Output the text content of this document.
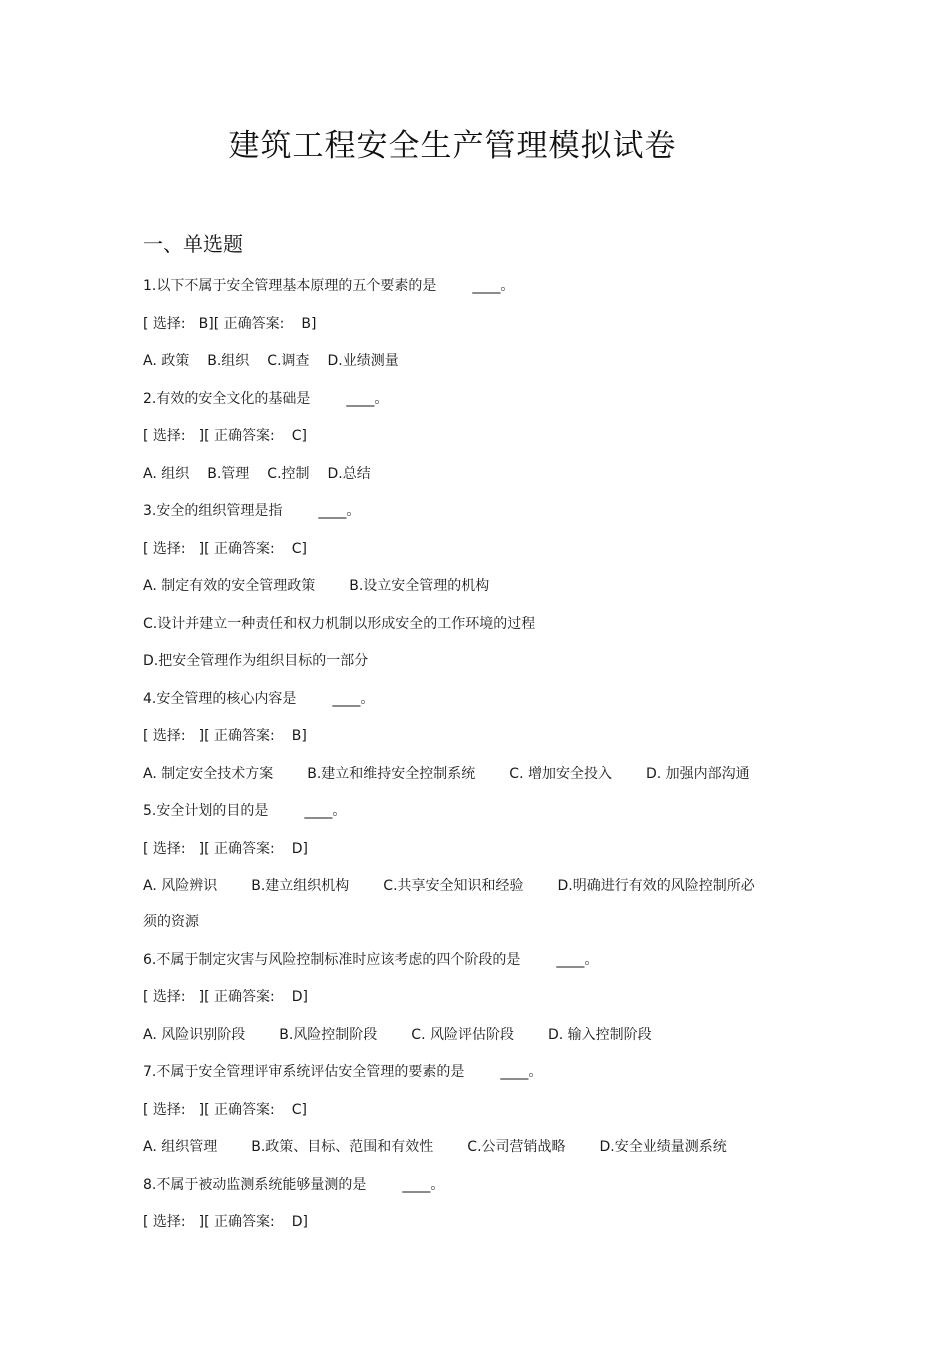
建筑工程安全生产管理模拟试卷
一、单选题
1.以下不属于安全管理基本原理的五个要素的是	____。
[ 选择: B][ 正确答案: B]
A. 政策 B.组织 C.调查 D.业绩测量
2.有效的安全文化的基础是	____。
[ 选择: ][ 正确答案: C]
A. 组织 B.管理 C.控制 D.总结
3.安全的组织管理是指	____。
[ 选择: ][ 正确答案: C]
A. 制定有效的安全管理政策 B.设立安全管理的机构
C.设计并建立一种责任和权力机制以形成安全的工作环境的过程
D.把安全管理作为组织目标的一部分
4.安全管理的核心内容是	____。
[ 选择: ][ 正确答案: B]
A. 制定安全技术方案 B.建立和维持安全控制系统 C. 增加安全投入 D. 加强内部沟通
5.安全计划的目的是	____。
[ 选择: ][ 正确答案: D]
A. 风险辨识 B.建立组织机构 C.共享安全知识和经验 D.明确进行有效的风险控制所必
须的资源
6.不属于制定灾害与风险控制标准时应该考虑的四个阶段的是	____。
[ 选择: ][ 正确答案: D]
A. 风险识别阶段 B.风险控制阶段 C. 风险评估阶段 D. 输入控制阶段
7.不属于安全管理评审系统评估安全管理的要素的是	____。
[ 选择: ][ 正确答案: C]
A. 组织管理 B.政策、目标、范围和有效性 C.公司营销战略 D.安全业绩量测系统
8.不属于被动监测系统能够量测的是	____。
[ 选择: ][ 正确答案: D]
